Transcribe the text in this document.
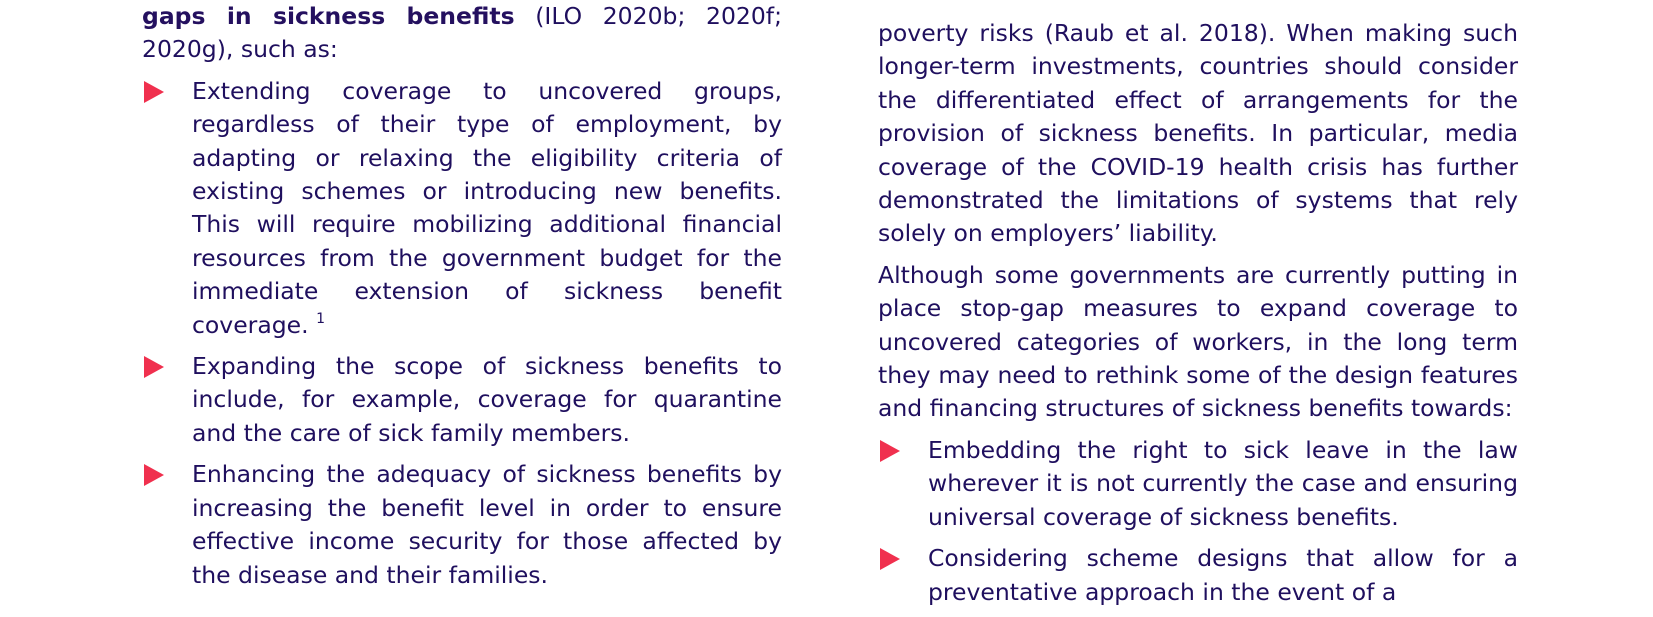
gaps in sickness benefits (ILO 2020b; 2020f; 2020g), such as:

Extending coverage to uncovered groups, regardless of their type of employment, by adapting or relaxing the eligibility criteria of existing schemes or introducing new benefits. This will require mobilizing additional financial resources from the government budget for the immediate extension of sickness benefit coverage. $^1$
Expanding the scope of sickness benefits to include, for example, coverage for quarantine and the care of sick family members.
Enhancing the adequacy of sickness benefits by increasing the benefit level in order to ensure effective income security for those affected by the disease and their families.

poverty risks (Raub et al. 2018). When making such longer-term investments, countries should consider the differentiated effect of arrangements for the provision of sickness benefits. In particular, media coverage of the COVID-19 health crisis has further demonstrated the limitations of systems that rely solely on employers’ liability.

Although some governments are currently putting in place stop-gap measures to expand coverage to uncovered categories of workers, in the long term they may need to rethink some of the design features and financing structures of sickness benefits towards:

Embedding the right to sick leave in the law wherever it is not currently the case and ensuring universal coverage of sickness benefits.
Considering scheme designs that allow for a preventative approach in the event of a
